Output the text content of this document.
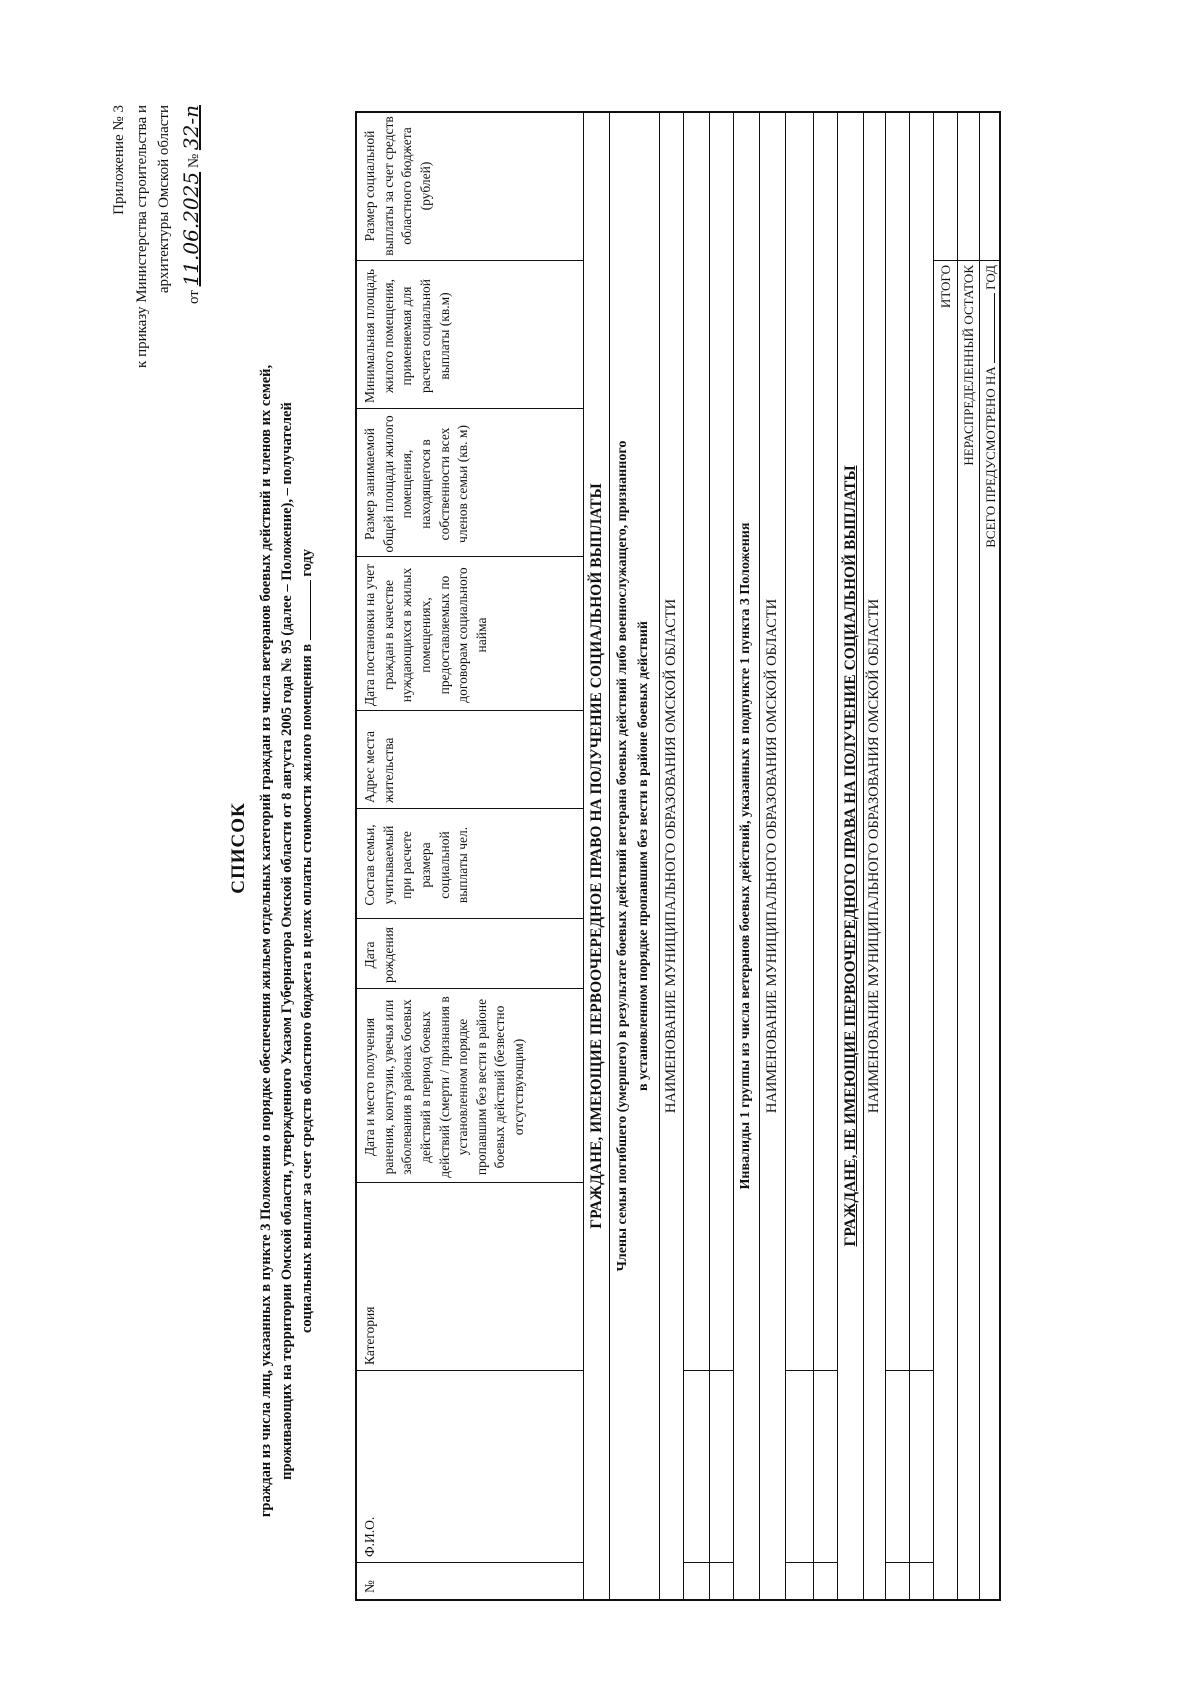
Приложение № 3 к приказу Министерства строительства и архитектуры Омской области
от 11.06.2025 № 32-п
СПИСОК граждан из числа лиц, указанных в пункте 3 Положения о порядке обеспечения жильем отдельных категорий граждан из числа ветеранов боевых действий и членов их семей, проживающих на территории Омской области, утвержденного Указом Губернатора Омской области от 8 августа 2005 года № 95 (далее – Положение), – получателей социальных выплат за счет средств областного бюджета в целях оплаты стоимости жилого помещения в  году
№
Ф.И.О.
Категория
Дата и место получения ранения, контузии, увечья или заболевания в районах боевых действий в период боевых действий (смерти / признания в установленном порядке пропавшим без вести в районе боевых действий (безвестно отсутствующим)
Дата рождения
Состав семьи, учитываемый при расчете размера социальной выплаты чел.
Адрес места жительства
Дата постановки на учет граждан в качестве нуждающихся в жилых помещениях, предоставляемых по договорам социального найма
Размер занимаемой общей площади жилого помещения, находящегося в собственности всех членов семьи (кв. м)
Минимальная площадь жилого помещения, применяемая для расчета социальной выплаты (кв.м)
Размер социальной выплаты за счет средств областного бюджета (рублей)
ГРАЖДАНЕ, ИМЕЮЩИЕ ПЕРВООЧЕРЕДНОЕ ПРАВО НА ПОЛУЧЕНИЕ СОЦИАЛЬНОЙ ВЫПЛАТЫ Члены семьи погибшего (умершего) в результате боевых действий ветерана боевых действий либо военнослужащего, признанного в установленном порядке пропавшим без вести в районе боевых действий НАИМЕНОВАНИЕ МУНИЦИПАЛЬНОГО ОБРАЗОВАНИЯ ОМСКОЙ ОБЛАСТИ	Инвалиды 1 группы из числа ветеранов боевых действий, указанных в подпункте 1 пункта 3 Положения НАИМЕНОВАНИЕ МУНИЦИПАЛЬНОГО ОБРАЗОВАНИЯ ОМСКОЙ ОБЛАСТИ	ГРАЖДАНЕ, НЕ ИМЕЮЩИЕ ПЕРВООЧЕРЕДНОГО ПРАВА НА ПОЛУЧЕНИЕ СОЦИАЛЬНОЙ ВЫПЛАТЫ НАИМЕНОВАНИЕ МУНИЦИПАЛЬНОГО ОБРАЗОВАНИЯ ОМСКОЙ ОБЛАСТИ
ИТОГО НЕРАСПРЕДЕЛЕННЫЙ ОСТАТОК ВСЕГО ПРЕДУСМОТРЕНО НА  ГОД
